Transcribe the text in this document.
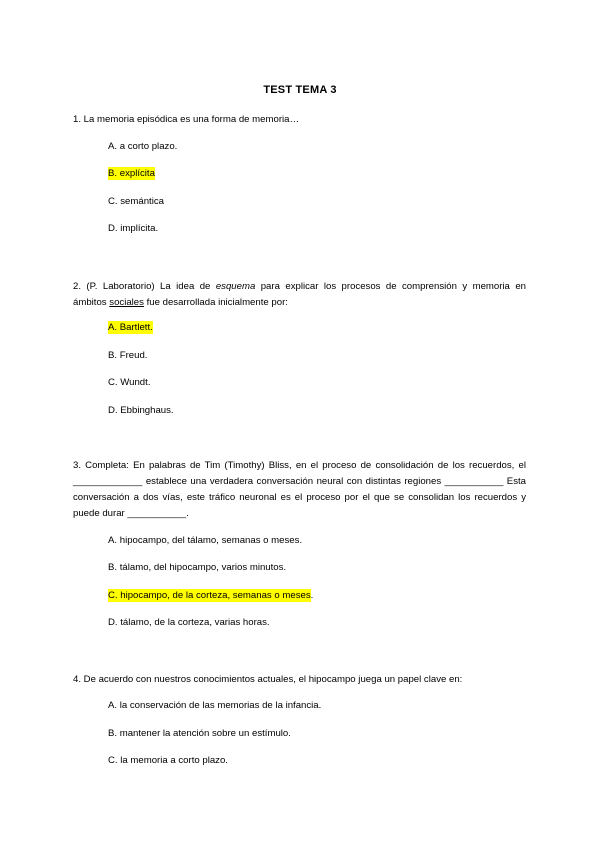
TEST TEMA 3
1. La memoria episódica es una forma de memoria…
A. a corto plazo.
B. explícita
C. semántica
D. implícita.
2. (P. Laboratorio) La idea de esquema para explicar los procesos de comprensión y memoria en
ámbitos sociales fue desarrollada inicialmente por:
A. Bartlett.
B. Freud.
C. Wundt.
D. Ebbinghaus.
3. Completa: En palabras de Tim (Timothy) Bliss, en el proceso de consolidación de los recuerdos, el
_____________ establece una verdadera conversación neural con distintas regiones ___________ Esta
conversación a dos vías, este tráfico neuronal es el proceso por el que se consolidan los recuerdos y
puede durar ___________.
A. hipocampo, del tálamo, semanas o meses.
B. tálamo, del hipocampo, varios minutos.
C. hipocampo, de la corteza, semanas o meses.
D. tálamo, de la corteza, varias horas.
4. De acuerdo con nuestros conocimientos actuales, el hipocampo juega un papel clave en:
A. la conservación de las memorias de la infancia.
B. mantener la atención sobre un estímulo.
C. la memoria a corto plazo.
